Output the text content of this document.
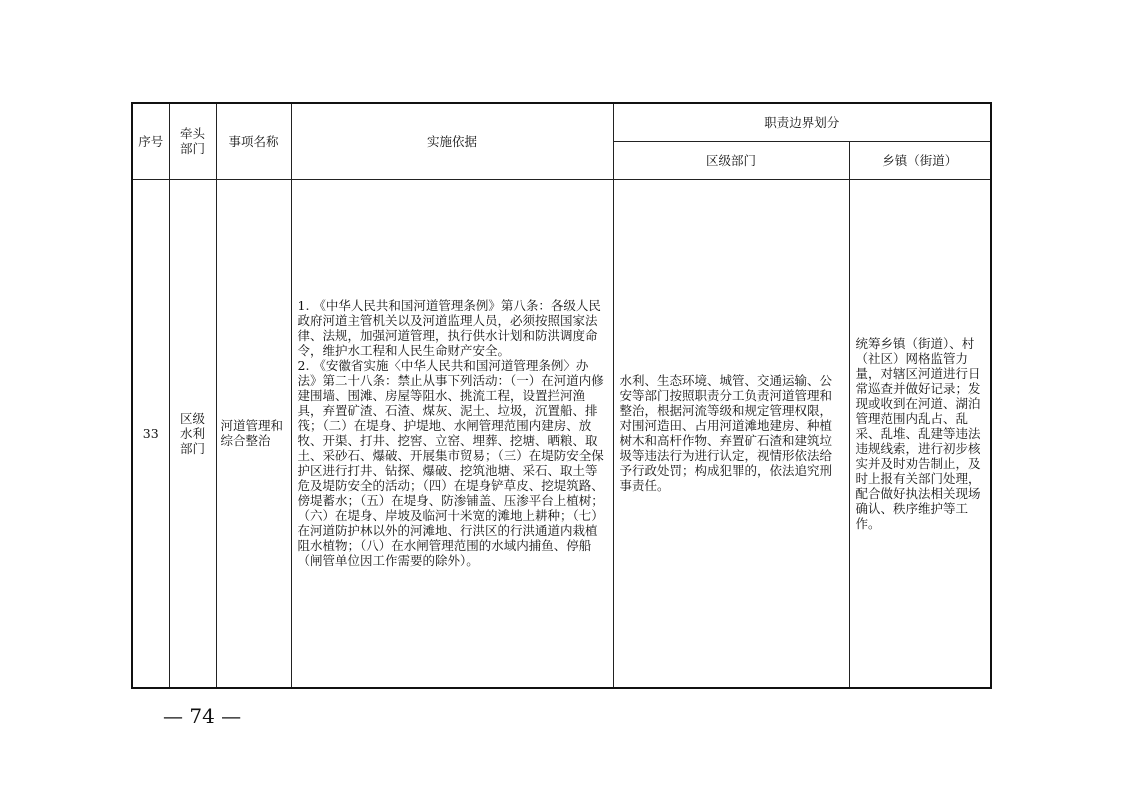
序号	牵头部门	事项名称	实施依据	职责边界划分	
				区级部门	乡镇（街道）
33	区级水利部门	河道管理和综合整治	1. 《中华人民共和国河道管理条例》第八条：各级人民政府河道主管机关以及河道监理人员，必须按照国家法律、法规，加强河道管理，执行供水计划和防洪调度命令，维护水工程和人民生命财产安全。

2. 《安徽省实施〈中华人民共和国河道管理条例〉办法》第二十八条：禁止从事下列活动：（一）在河道内修建围墙、围滩、房屋等阻水、挑流工程，设置拦河渔具，弃置矿渣、石渣、煤灰、泥土、垃圾，沉置船、排筏；（二）在堤身、护堤地、水闸管理范围内建房、放牧、开渠、打井、挖窖、立窑、埋葬、挖塘、晒粮、取土、采砂石、爆破、开展集市贸易；（三）在堤防安全保护区进行打井、钻探、爆破、挖筑池塘、采石、取土等危及堤防安全的活动；（四）在堤身铲草皮、挖堤筑路、傍堤蓄水；（五）在堤身、防渗铺盖、压渗平台上植树；（六）在堤身、岸坡及临河十米宽的滩地上耕种；（七）在河道防护林以外的河滩地、行洪区的行洪通道内栽植阻水植物；（八）在水闸管理范围的水域内捕鱼、停船（闸管单位因工作需要的除外）。	水利、生态环境、城管、交通运输、公安等部门按照职责分工负责河道管理和整治，根据河流等级和规定管理权限，对围河造田、占用河道滩地建房、种植树木和高杆作物、弃置矿石渣和建筑垃圾等违法行为进行认定，视情形依法给予行政处罚；构成犯罪的，依法追究刑事责任。	统筹乡镇（街道）、村（社区）网格监管力量，对辖区河道进行日常巡查并做好记录；发现或收到在河道、湖泊管理范围内乱占、乱采、乱堆、乱建等违法违规线索，进行初步核实并及时劝告制止，及时上报有关部门处理，配合做好执法相关现场确认、秩序维护等工作。

— 74 —
